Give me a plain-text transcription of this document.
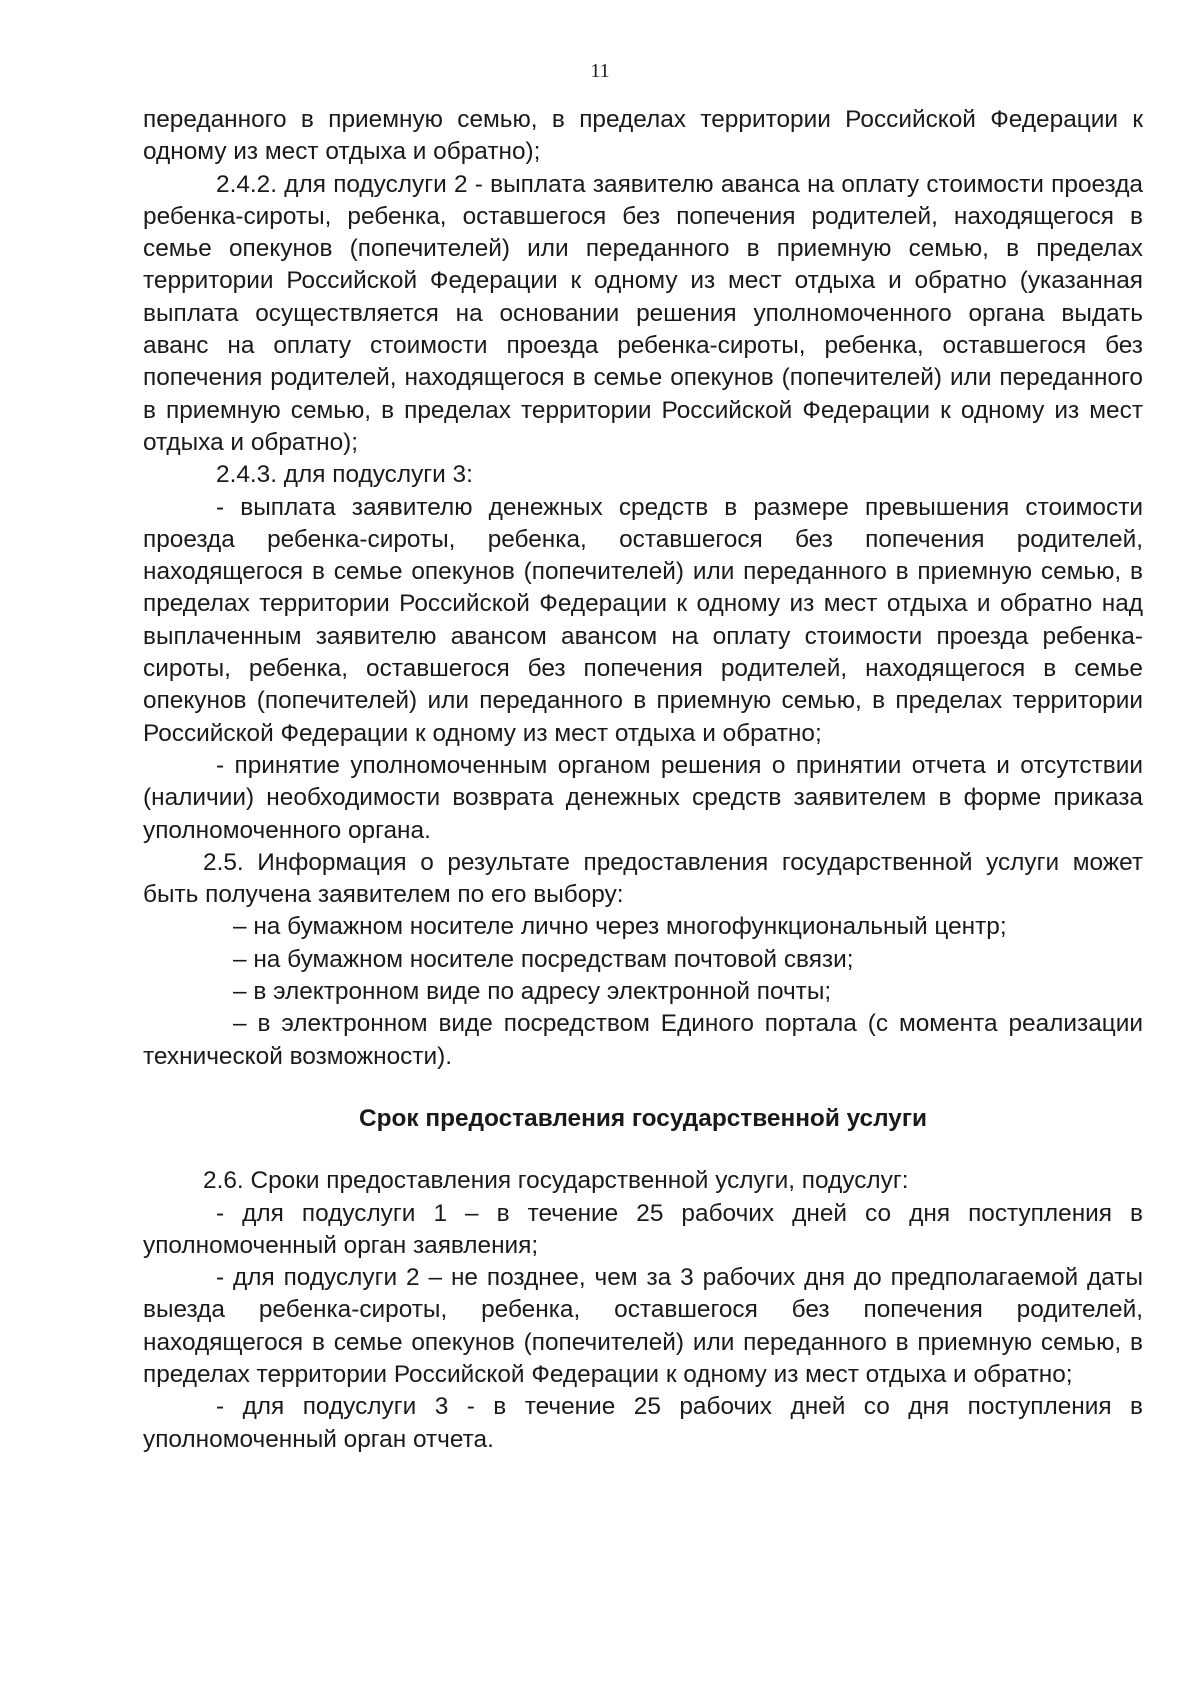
11

переданного в приемную семью, в пределах территории Российской Федерации к одному из мест отдыха и обратно);

2.4.2. для подуслуги 2 - выплата заявителю аванса на оплату стоимости проезда ребенка-сироты, ребенка, оставшегося без попечения родителей, находящегося в семье опекунов (попечителей) или переданного в приемную семью, в пределах территории Российской Федерации к одному из мест отдыха и обратно (указанная выплата осуществляется на основании решения уполномоченного органа выдать аванс на оплату стоимости проезда ребенка-сироты, ребенка, оставшегося без попечения родителей, находящегося в семье опекунов (попечителей) или переданного в приемную семью, в пределах территории Российской Федерации к одному из мест отдыха и обратно);

2.4.3. для подуслуги 3:

- выплата заявителю денежных средств в размере превышения стоимости проезда ребенка-сироты, ребенка, оставшегося без попечения родителей, находящегося в семье опекунов (попечителей) или переданного в приемную семью, в пределах территории Российской Федерации к одному из мест отдыха и обратно над выплаченным заявителю авансом авансом на оплату стоимости проезда ребенка-сироты, ребенка, оставшегося без попечения родителей, находящегося в семье опекунов (попечителей) или переданного в приемную семью, в пределах территории Российской Федерации к одному из мест отдыха и обратно;

- принятие уполномоченным органом решения о принятии отчета и отсутствии (наличии) необходимости возврата денежных средств заявителем в форме приказа уполномоченного органа.

2.5. Информация о результате предоставления государственной услуги может быть получена заявителем по его выбору:

– на бумажном носителе лично через многофункциональный центр;

– на бумажном носителе посредствам почтовой связи;

– в электронном виде по адресу электронной почты;

– в электронном виде посредством Единого портала (с момента реализации технической возможности).

Срок предоставления государственной услуги

2.6. Сроки предоставления государственной услуги, подуслуг:

- для подуслуги 1 – в течение 25 рабочих дней со дня поступления в уполномоченный орган заявления;

- для подуслуги 2 – не позднее, чем за 3 рабочих дня до предполагаемой даты выезда ребенка-сироты, ребенка, оставшегося без попечения родителей, находящегося в семье опекунов (попечителей) или переданного в приемную семью, в пределах территории Российской Федерации к одному из мест отдыха и обратно;

- для подуслуги 3 - в течение 25 рабочих дней со дня поступления в уполномоченный орган отчета.
